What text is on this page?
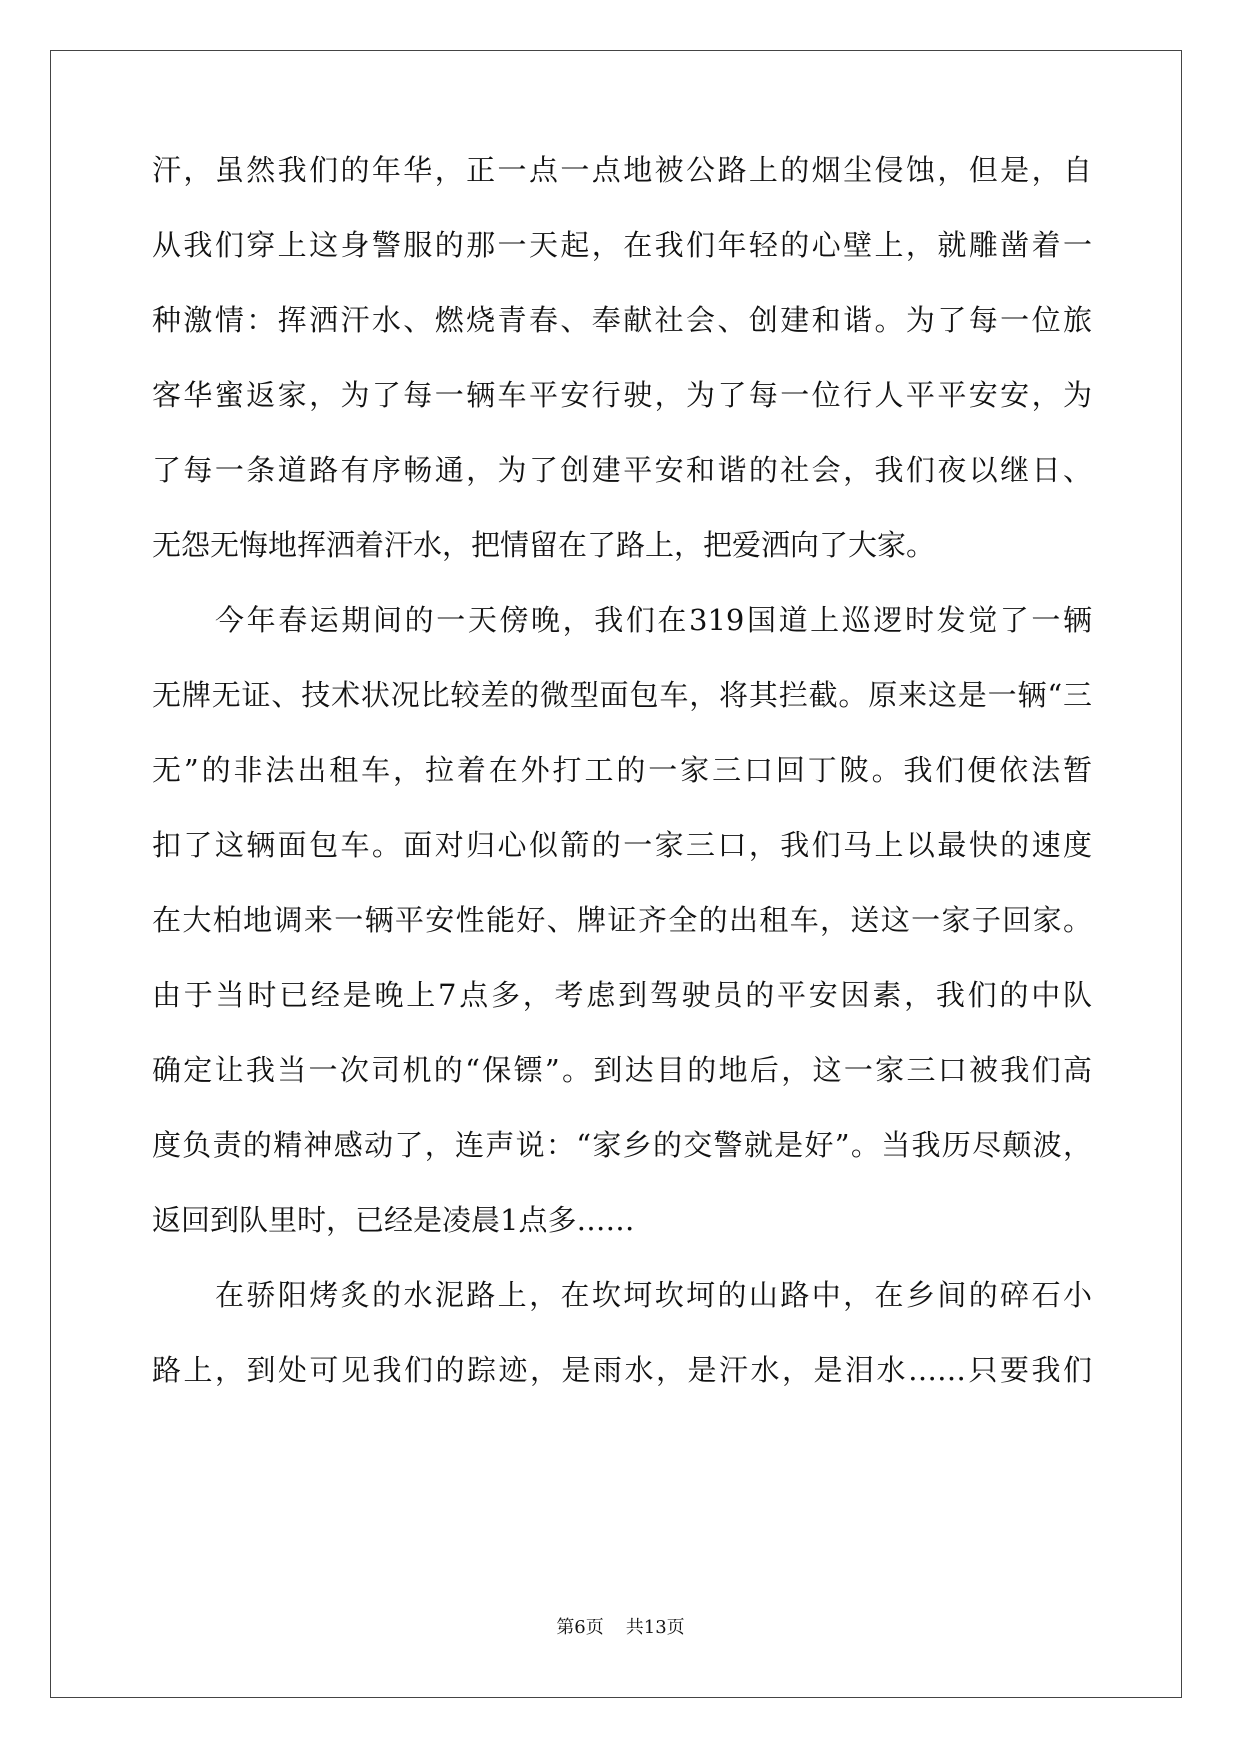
汗，虽然我们的年华，正一点一点地被公路上的烟尘侵蚀，但是，自
从我们穿上这身警服的那一天起，在我们年轻的心壁上，就雕凿着一
种激情：挥洒汗水、燃烧青春、奉献社会、创建和谐。为了每一位旅
客华蜜返家，为了每一辆车平安行驶，为了每一位行人平平安安，为
了每一条道路有序畅通，为了创建平安和谐的社会，我们夜以继日、
无怨无悔地挥洒着汗水，把情留在了路上，把爱洒向了大家。
今年春运期间的一天傍晚，我们在319国道上巡逻时发觉了一辆
无牌无证、技术状况比较差的微型面包车，将其拦截。原来这是一辆“三
无”的非法出租车，拉着在外打工的一家三口回丁陂。我们便依法暂
扣了这辆面包车。面对归心似箭的一家三口，我们马上以最快的速度
在大柏地调来一辆平安性能好、牌证齐全的出租车，送这一家子回家。
由于当时已经是晚上7点多，考虑到驾驶员的平安因素，我们的中队
确定让我当一次司机的“保镖”。到达目的地后，这一家三口被我们高
度负责的精神感动了，连声说：“家乡的交警就是好”。当我历尽颠波，
返回到队里时，已经是凌晨1点多……
在骄阳烤炙的水泥路上，在坎坷坎坷的山路中，在乡间的碎石小
路上，到处可见我们的踪迹，是雨水，是汗水，是泪水……只要我们
第6页 共13页
